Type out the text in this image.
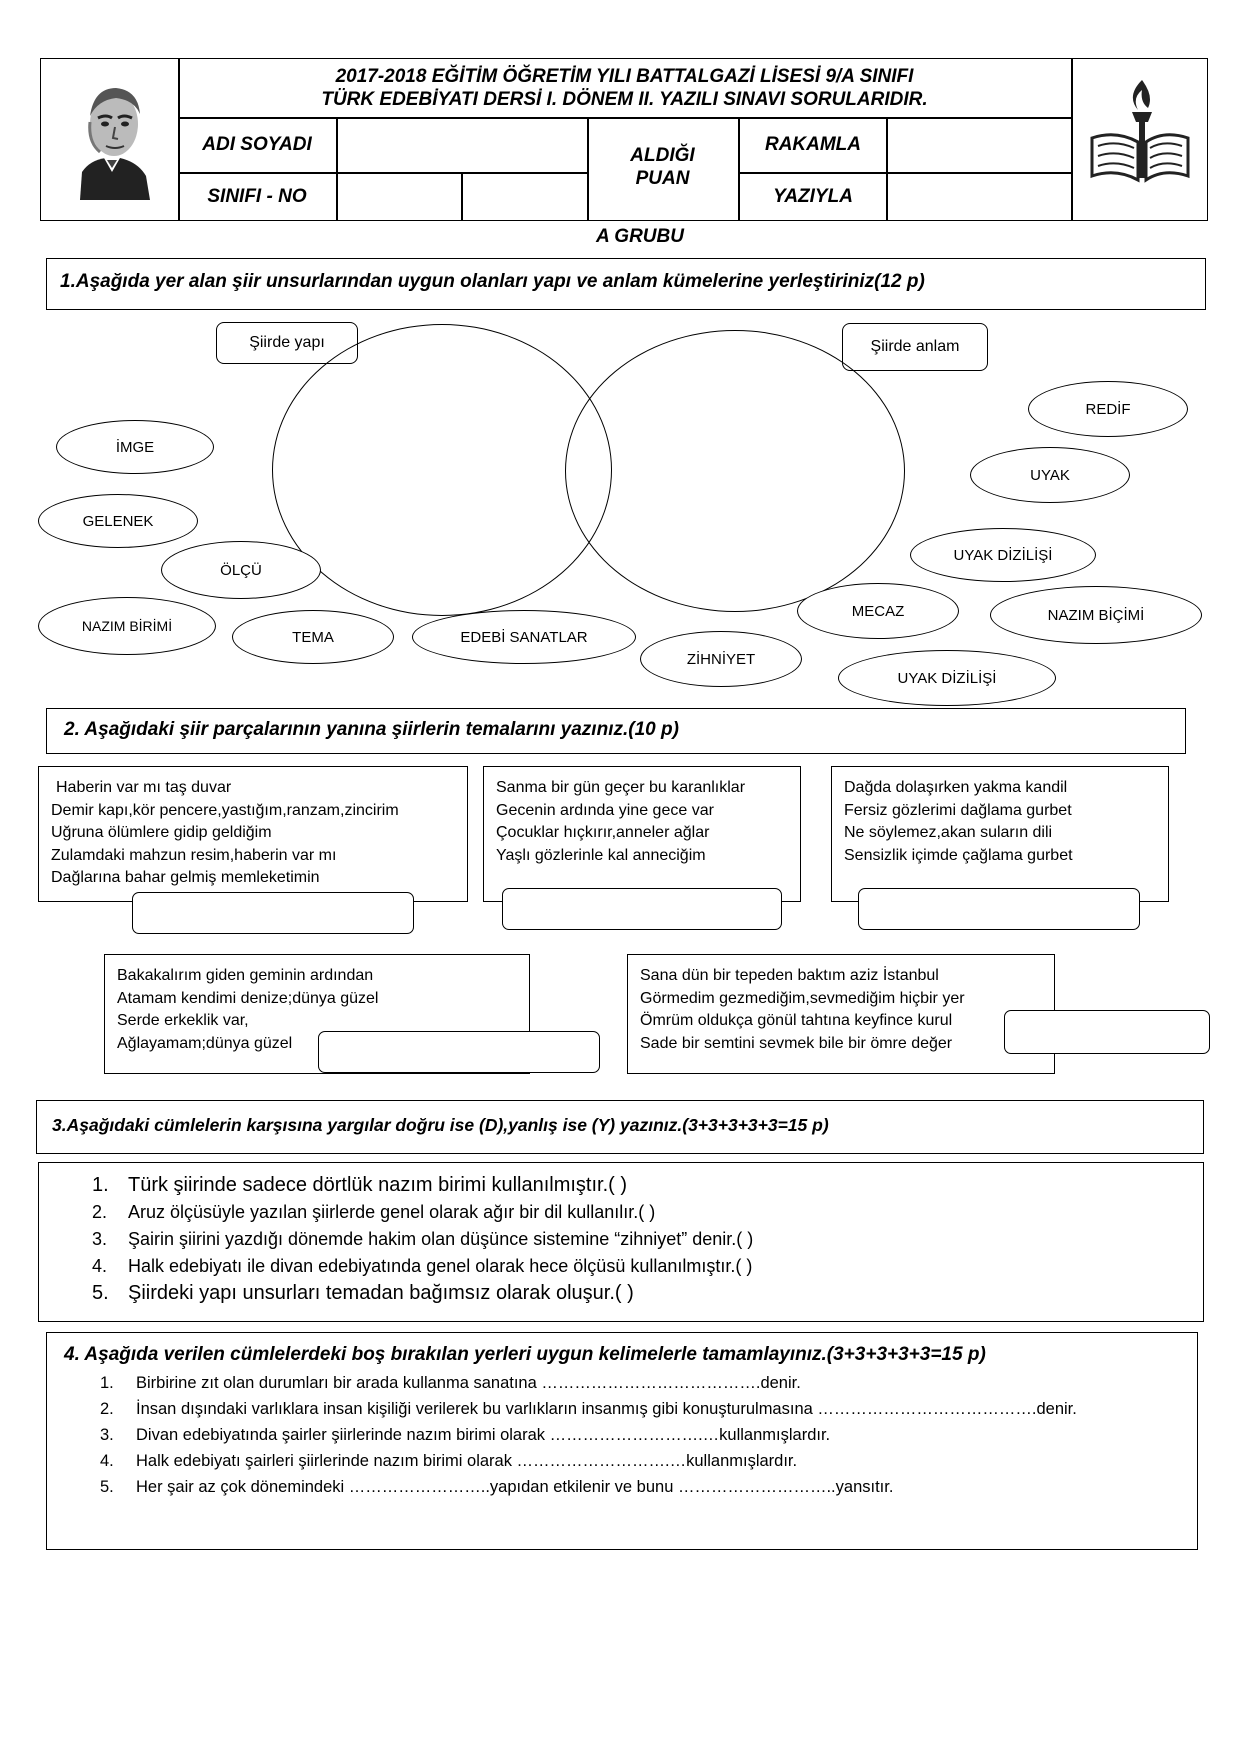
2017-2018 EĞİTİM ÖĞRETİM YILI BATTALGAZİ LİSESİ 9/A SINIFI
TÜRK EDEBİYATI DERSİ I. DÖNEM II. YAZILI SINAVI SORULARIDIR.
ADI SOYADI
SINIFI - NO
ALDIĞI PUAN
RAKAMLA
YAZIYLA
A GRUBU
1.Aşağıda yer alan şiir unsurlarından uygun olanları yapı ve anlam kümelerine yerleştiriniz(12 p)
Şiirde yapı	Şiirde anlam
İMGE
GELENEK
ÖLÇÜ
NAZIM BİRİMİ
TEMA	EDEBİ SANATLAR
ZİHNİYET
MECAZ
UYAK DİZİLİŞİ
REDİF
UYAK
UYAK DİZİLİŞİ
NAZIM BİÇİMİ
2. Aşağıdaki şiir parçalarının yanına şiirlerin temalarını yazınız.(10 p)
Haberin var mı taş duvar
Demir kapı,kör pencere,yastığım,ranzam,zincirim
Uğruna ölümlere gidip geldiğim
Zulamdaki mahzun resim,haberin var mı
Dağlarına bahar gelmiş memleketimin
Sanma bir gün geçer bu karanlıklar
Gecenin ardında yine gece var
Çocuklar hıçkırır,anneler ağlar
Yaşlı gözlerinle kal anneciğim
Dağda dolaşırken yakma kandil
Fersiz gözlerimi dağlama gurbet
Ne söylemez,akan suların dili
Sensizlik içimde çağlama gurbet
Bakakalırım giden geminin ardından
Atamam kendimi denize;dünya güzel
Serde erkeklik var,
Ağlayamam;dünya güzel
Sana dün bir tepeden baktım aziz İstanbul
Görmedim gezmediğim,sevmediğim hiçbir yer
Ömrüm oldukça gönül tahtına keyfince kurul
Sade bir semtini sevmek bile bir ömre değer
3.Aşağıdaki cümlelerin karşısına yargılar doğru ise (D),yanlış ise (Y) yazınız.(3+3+3+3+3=15 p)
1. Türk şiirinde sadece dörtlük nazım birimi kullanılmıştır.( )
2.	Aruz ölçüsüyle yazılan şiirlerde genel olarak ağır bir dil kullanılır.( )
3.	Şairin şiirini yazdığı dönemde hakim olan düşünce sistemine “zihniyet” denir.( )
4.	Halk edebiyatı ile divan edebiyatında genel olarak hece ölçüsü kullanılmıştır.( )
5. Şiirdeki yapı unsurları temadan bağımsız olarak oluşur.( )
4. Aşağıda verilen cümlelerdeki boş bırakılan yerleri uygun kelimelerle tamamlayınız.(3+3+3+3+3=15 p)
1.	Birbirine zıt olan durumları bir arada kullanma sanatına ………………………………….denir.
2.	İnsan dışındaki varlıklara insan kişiliği verilerek bu varlıkların insanmış gibi konuşturulmasına ………………………………….denir.
3.	Divan edebiyatında şairler şiirlerinde nazım birimi olarak ……………………….…kullanmışlardır.
4.	Halk edebiyatı şairleri şiirlerinde nazım birimi olarak ……………………….…kullanmışlardır.
5.	Her şair az çok dönemindeki ……………………..yapıdan etkilenir ve bunu ………………………..yansıtır.
